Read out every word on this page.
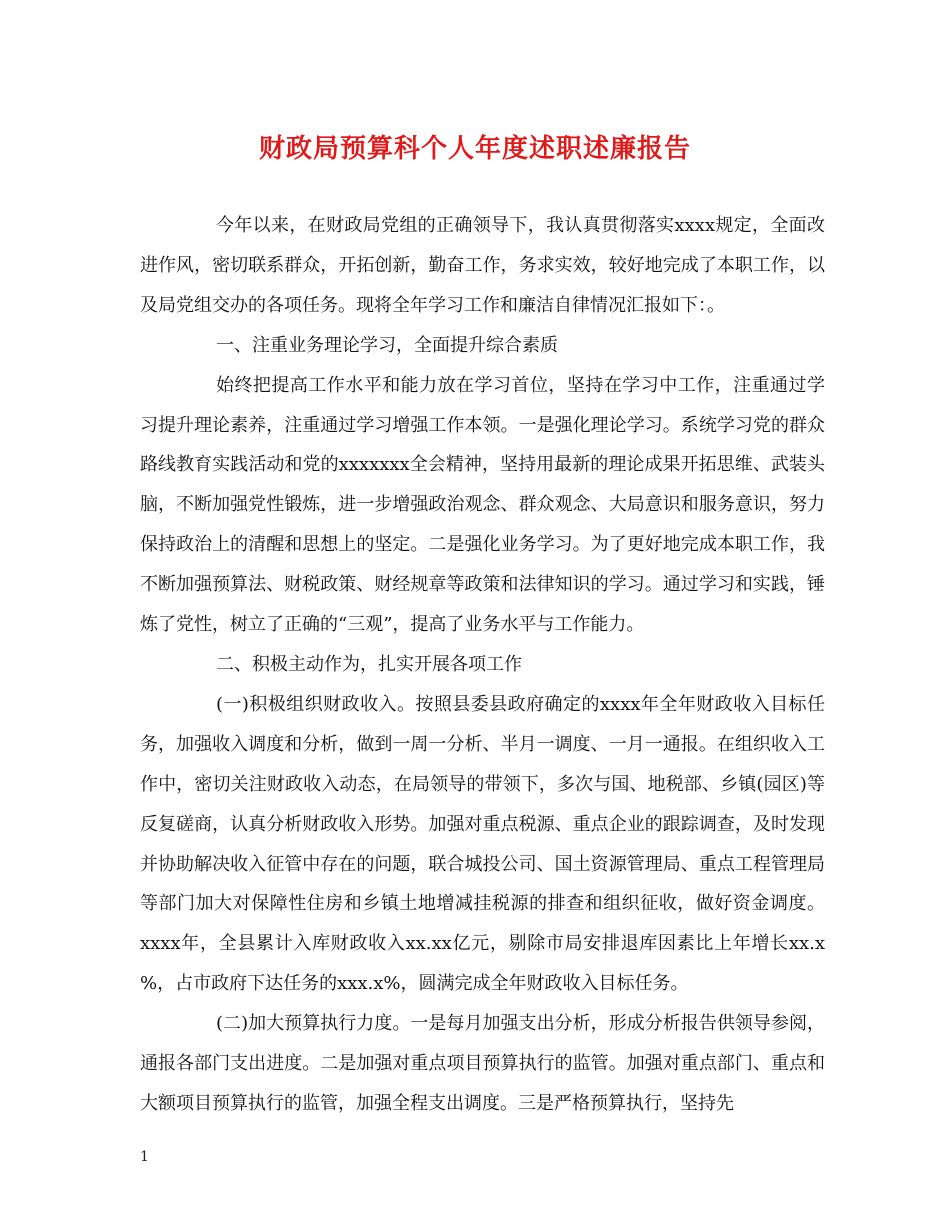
财政局预算科个人年度述职述廉报告

今年以来，在财政局党组的正确领导下，我认真贯彻落实xxxx规定，全面改进作风，密切联系群众，开拓创新，勤奋工作，务求实效，较好地完成了本职工作，以及局党组交办的各项任务。现将全年学习工作和廉洁自律情况汇报如下：。

一、注重业务理论学习，全面提升综合素质

始终把提高工作水平和能力放在学习首位，坚持在学习中工作，注重通过学习提升理论素养，注重通过学习增强工作本领。一是强化理论学习。系统学习党的群众路线教育实践活动和党的xxxxxxx全会精神，坚持用最新的理论成果开拓思维、武装头脑，不断加强党性锻炼，进一步增强政治观念、群众观念、大局意识和服务意识，努力保持政治上的清醒和思想上的坚定。二是强化业务学习。为了更好地完成本职工作，我不断加强预算法、财税政策、财经规章等政策和法律知识的学习。通过学习和实践，锤炼了党性，树立了正确的“三观”，提高了业务水平与工作能力。

二、积极主动作为，扎实开展各项工作

(一)积极组织财政收入。按照县委县政府确定的xxxx年全年财政收入目标任务，加强收入调度和分析，做到一周一分析、半月一调度、一月一通报。在组织收入工作中，密切关注财政收入动态，在局领导的带领下，多次与国、地税部、乡镇(园区)等反复磋商，认真分析财政收入形势。加强对重点税源、重点企业的跟踪调查，及时发现并协助解决收入征管中存在的问题，联合城投公司、国土资源管理局、重点工程管理局等部门加大对保障性住房和乡镇土地增减挂税源的排查和组织征收，做好资金调度。xxxx年，全县累计入库财政收入xx.xx亿元，剔除市局安排退库因素比上年增长xx.x %，占市政府下达任务的xxx.x%，圆满完成全年财政收入目标任务。

(二)加大预算执行力度。一是每月加强支出分析，形成分析报告供领导参阅，通报各部门支出进度。二是加强对重点项目预算执行的监管。加强对重点部门、重点和大额项目预算执行的监管，加强全程支出调度。三是严格预算执行，坚持先

1
